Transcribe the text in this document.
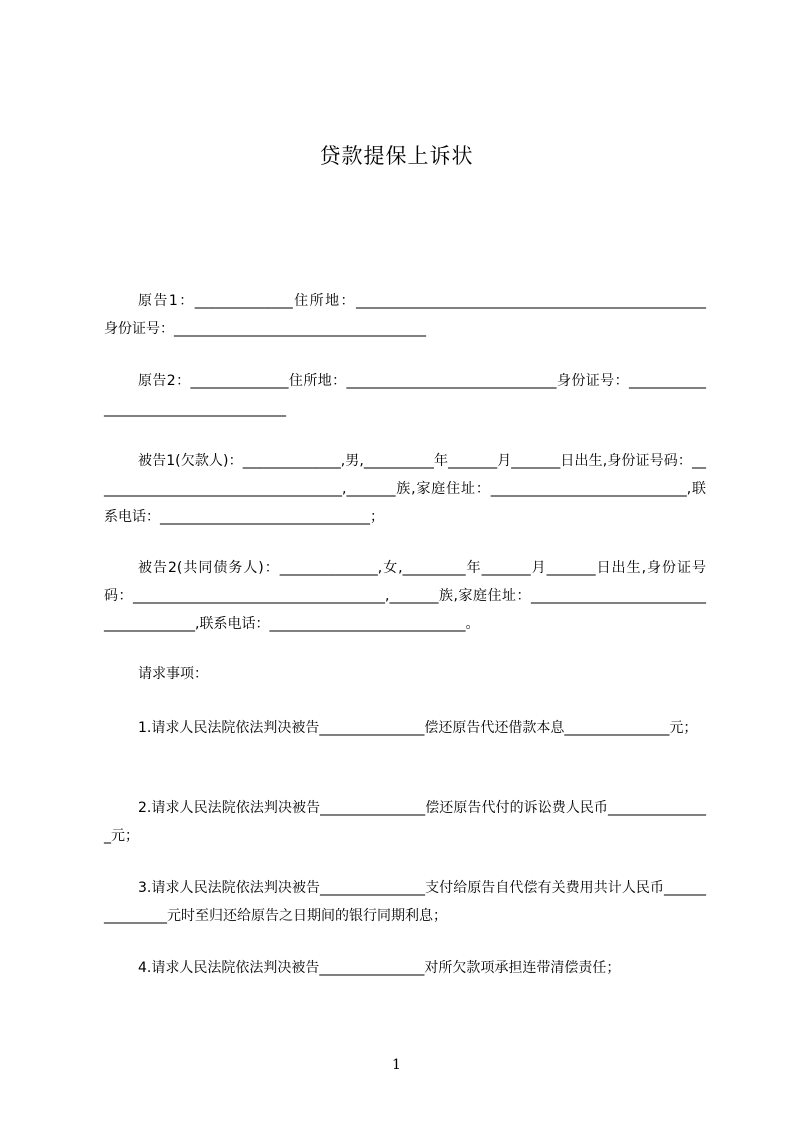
贷款提保上诉状
原告1：______________住所地：__________________________________________________身份证号：____________________________________
原告2：______________住所地：______________________________身份证号：_____________________________________
被告1(欠款人)：______________,男,__________年_______月_______日出生,身份证号码：____________________________________,_______族,家庭住址：____________________________,联系电话：______________________________；
被告2(共同债务人)：______________,女,_________年_______月_______日出生,身份证号码：____________________________________,_______族,家庭住址：______________________________________,联系电话：____________________________。
请求事项：
1.请求人民法院依法判决被告_______________偿还原告代还借款本息_______________元；
2.请求人民法院依法判决被告_______________偿还原告代付的诉讼费人民币_______________元；
3.请求人民法院依法判决被告_______________支付给原告自代偿有关费用共计人民币_______________元时至归还给原告之日期间的银行同期利息；
4.请求人民法院依法判决被告_______________对所欠款项承担连带清偿责任；
1
